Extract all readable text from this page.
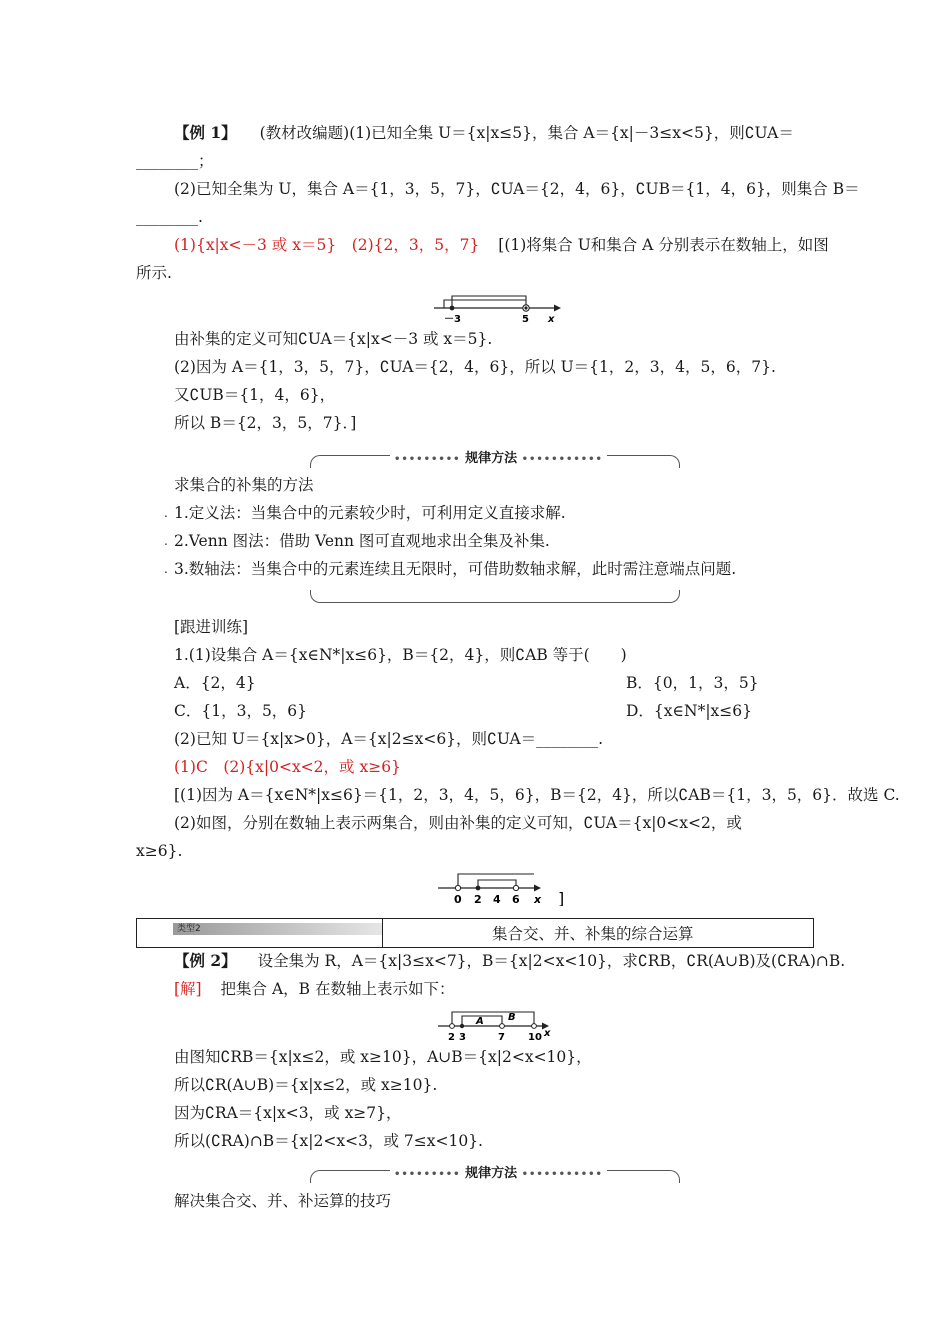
【例 1】 (教材改编题)(1)已知全集 U＝{x|x≤5}，集合 A＝{x|－3≤x<5}，则∁UA＝
________；
(2)已知全集为 U，集合 A＝{1，3，5，7}，∁UA＝{2，4，6}，∁UB＝{1，4，6}，则集合 B＝
________.
(1){x|x<－3 或 x＝5}　(2){2，3，5，7} [(1)将集合 U和集合 A 分别表示在数轴上，如图
所示.
－3	5 x
由补集的定义可知∁UA＝{x|x<－3 或 x＝5}.
(2)因为 A＝{1，3，5，7}，∁UA＝{2，4，6}，所以 U＝{1，2，3，4，5，6，7}.
又∁UB＝{1，4，6}，
所以 B＝{2，3，5，7}．]
••••••••• 规律方法 •••••••••••
求集合的补集的方法
. 1.定义法：当集合中的元素较少时，可利用定义直接求解.
. 2.Venn 图法：借助 Venn 图可直观地求出全集及补集.
. 3.数轴法：当集合中的元素连续且无限时，可借助数轴求解，此时需注意端点问题.
[跟进训练]
1.(1)设集合 A＝{x∈N*|x≤6}，B＝{2，4}，则∁AB 等于(　　)
A．{2，4}	B．{0，1，3，5}
C．{1，3，5，6}	D．{x∈N*|x≤6}
(2)已知 U＝{x|x>0}，A＝{x|2≤x<6}，则∁UA＝________.
(1)C　(2){x|0<x<2，或 x≥6}
[(1)因为 A＝{x∈N*|x≤6}＝{1，2，3，4，5，6}，B＝{2，4}，所以∁AB＝{1，3，5，6}．故选 C.
(2)如图，分别在数轴上表示两集合，则由补集的定义可知，∁UA＝{x|0<x<2，或
x≥6}.
0 2 4 6 x ]
类型2	集合交、并、补集的综合运算
【例 2】 设全集为 R，A＝{x|3≤x<7}，B＝{x|2<x<10}，求∁RB，∁R(A∪B)及(∁RA)∩B.
[解] 把集合 A，B 在数轴上表示如下：
A B
2 3	7 10 x
由图知∁RB＝{x|x≤2，或 x≥10}，A∪B＝{x|2<x<10}，
所以∁R(A∪B)＝{x|x≤2，或 x≥10}.
因为∁RA＝{x|x<3，或 x≥7}，
所以(∁RA)∩B＝{x|2<x<3，或 7≤x<10}.
••••••••• 规律方法 •••••••••••
解决集合交、并、补运算的技巧
